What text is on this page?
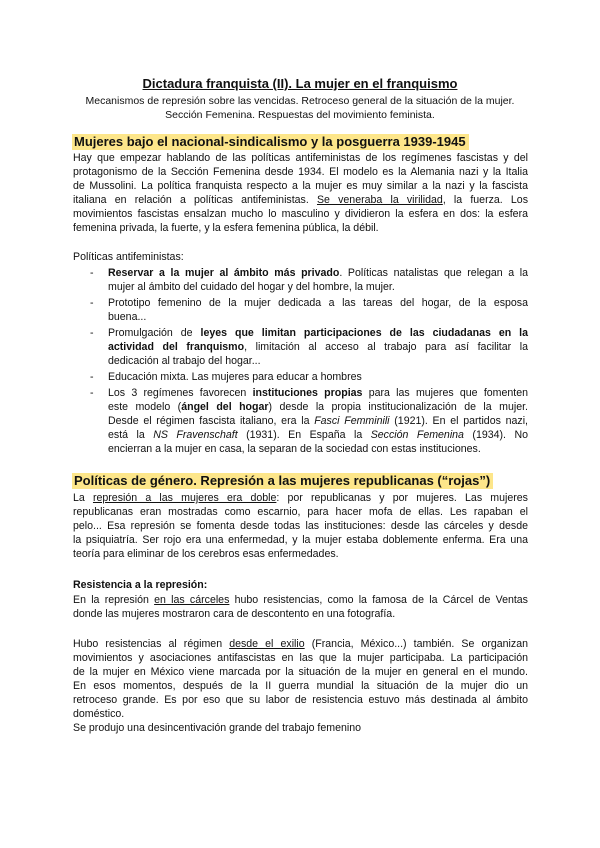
Dictadura franquista (II). La mujer en el franquismo
Mecanismos de represión sobre las vencidas. Retroceso general de la situación de la mujer.
Sección Femenina. Respuestas del movimiento feminista.
Mujeres bajo el nacional-sindicalismo y la posguerra 1939-1945
Hay que empezar hablando de las políticas antifeministas de los regímenes fascistas y del
protagonismo de la Sección Femenina desde 1934. El modelo es la Alemania nazi y la Italia
de Mussolini. La política franquista respecto a la mujer es muy similar a la nazi y la fascista
italiana en relación a políticas antifeministas. Se veneraba la virilidad, la fuerza. Los
movimientos fascistas ensalzan mucho lo masculino y dividieron la esfera en dos: la esfera
femenina privada, la fuerte, y la esfera femenina pública, la débil.
Políticas antifeministas:
- Reservar a la mujer al ámbito más privado. Políticas natalistas que relegan a la
mujer al ámbito del cuidado del hogar y del hombre, la mujer.
- Prototipo femenino de la mujer dedicada a las tareas del hogar, de la esposa
buena...
- Promulgación de leyes que limitan participaciones de las ciudadanas en la
actividad del franquismo, limitación al acceso al trabajo para así facilitar la
dedicación al trabajo del hogar...
- Educación mixta. Las mujeres para educar a hombres
- Los 3 regímenes favorecen instituciones propias para las mujeres que fomenten
este modelo (ángel del hogar) desde la propia institucionalización de la mujer.
Desde el régimen fascista italiano, era la Fasci Femminili (1921). En el partidos nazi,
está la NS Fravenschaft (1931). En España la Sección Femenina (1934). No
encierran a la mujer en casa, la separan de la sociedad con estas instituciones.
Políticas de género. Represión a las mujeres republicanas (“rojas”)
La represión a las mujeres era doble: por republicanas y por mujeres. Las mujeres
republicanas eran mostradas como escarnio, para hacer mofa de ellas. Les rapaban el
pelo... Esa represión se fomenta desde todas las instituciones: desde las cárceles y desde
la psiquiatría. Ser rojo era una enfermedad, y la mujer estaba doblemente enferma. Era una
teoría para eliminar de los cerebros esas enfermedades.
Resistencia a la represión:
En la represión en las cárceles hubo resistencias, como la famosa de la Cárcel de Ventas
donde las mujeres mostraron cara de descontento en una fotografía.
Hubo resistencias al régimen desde el exilio (Francia, México...) también. Se organizan
movimientos y asociaciones antifascistas en las que la mujer participaba. La participación
de la mujer en México viene marcada por la situación de la mujer en general en el mundo.
En esos momentos, después de la II guerra mundial la situación de la mujer dio un
retroceso grande. Es por eso que su labor de resistencia estuvo más destinada al ámbito
doméstico.
Se produjo una desincentivación grande del trabajo femenino
